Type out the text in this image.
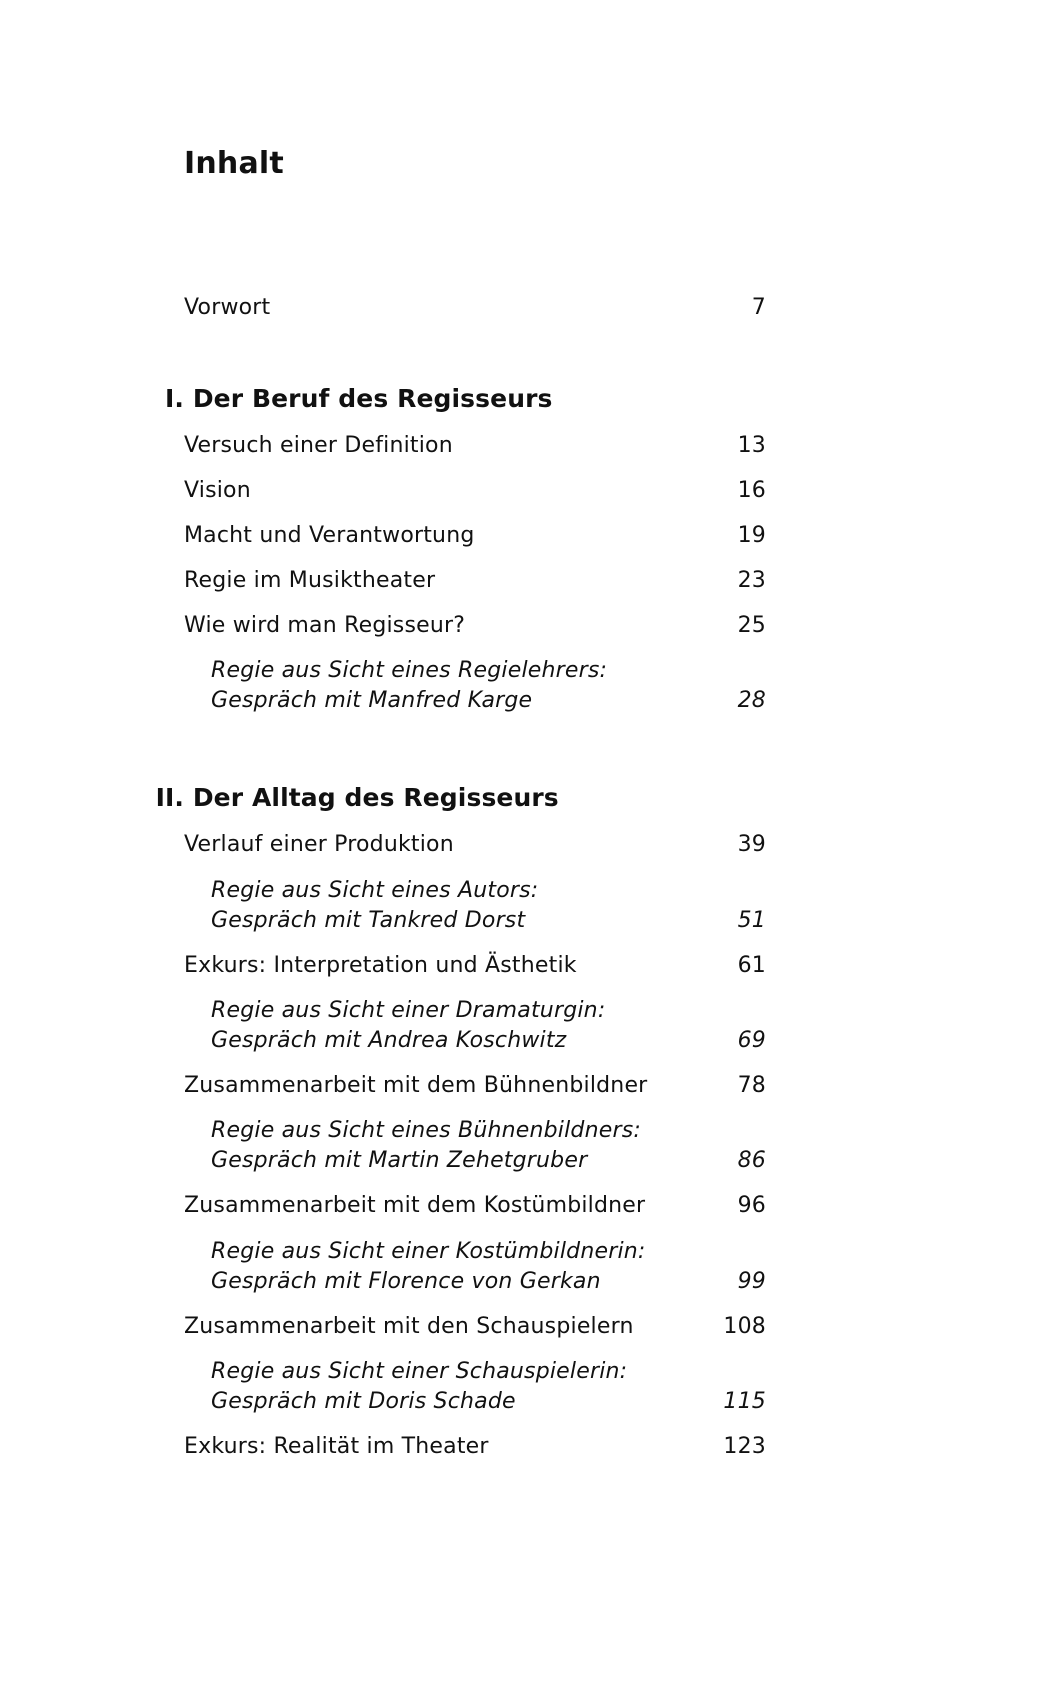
Inhalt
Vorwort	7
I. Der Beruf des Regisseurs
Versuch einer Definition	13
Vision	16
Macht und Verantwortung	19
Regie im Musiktheater	23
Wie wird man Regisseur?	25
Regie aus Sicht eines Regielehrers:
Gespräch mit Manfred Karge	28
II. Der Alltag des Regisseurs
Verlauf einer Produktion	39
Regie aus Sicht eines Autors:
Gespräch mit Tankred Dorst	51
Exkurs: Interpretation und Ästhetik	61
Regie aus Sicht einer Dramaturgin:
Gespräch mit Andrea Koschwitz	69
Zusammenarbeit mit dem Bühnenbildner	78
Regie aus Sicht eines Bühnenbildners:
Gespräch mit Martin Zehetgruber	86
Zusammenarbeit mit dem Kostümbildner	96
Regie aus Sicht einer Kostümbildnerin:
Gespräch mit Florence von Gerkan	99
Zusammenarbeit mit den Schauspielern	108
Regie aus Sicht einer Schauspielerin:
Gespräch mit Doris Schade	115
Exkurs: Realität im Theater	123
